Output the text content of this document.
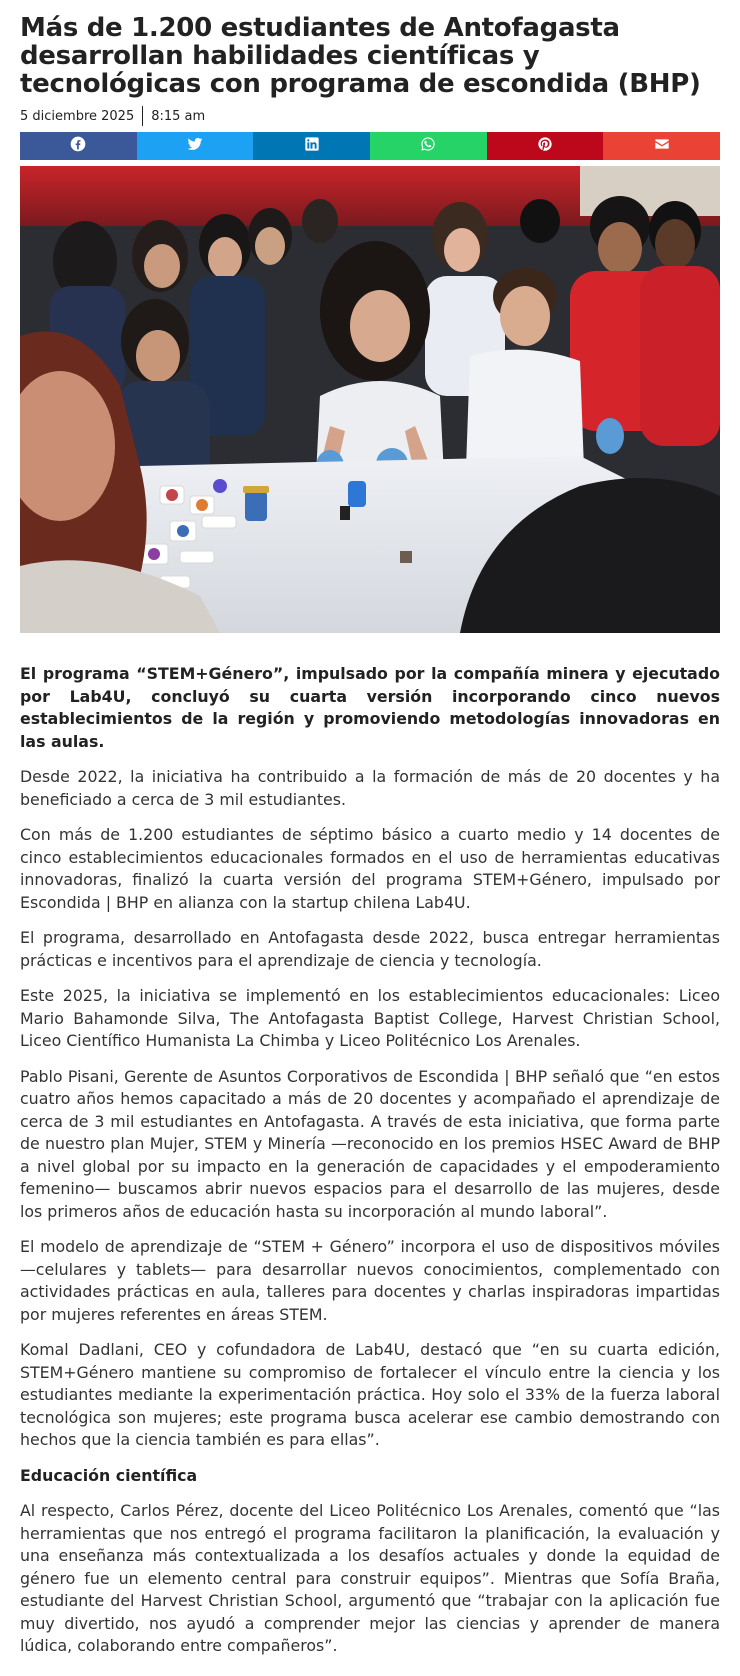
Más de 1.200 estudiantes de Antofagasta desarrollan habilidades científicas y tecnológicas con programa de escondida (BHP)
5 diciembre 2025 8:15 am

El programa “STEM+Género”, impulsado por la compañía minera y ejecutado por Lab4U, concluyó su cuarta versión incorporando cinco nuevos establecimientos de la región y promoviendo metodologías innovadoras en las aulas.

Desde 2022, la iniciativa ha contribuido a la formación de más de 20 docentes y ha beneficiado a cerca de 3 mil estudiantes.

Con más de 1.200 estudiantes de séptimo básico a cuarto medio y 14 docentes de cinco establecimientos educacionales formados en el uso de herramientas educativas innovadoras, finalizó la cuarta versión del programa STEM+Género, impulsado por Escondida | BHP en alianza con la startup chilena Lab4U.

El programa, desarrollado en Antofagasta desde 2022, busca entregar herramientas prácticas e incentivos para el aprendizaje de ciencia y tecnología.

Este 2025, la iniciativa se implementó en los establecimientos educacionales: Liceo Mario Bahamonde Silva, The Antofagasta Baptist College, Harvest Christian School, Liceo Científico Humanista La Chimba y Liceo Politécnico Los Arenales.

Pablo Pisani, Gerente de Asuntos Corporativos de Escondida | BHP señaló que “en estos cuatro años hemos capacitado a más de 20 docentes y acompañado el aprendizaje de cerca de 3 mil estudiantes en Antofagasta. A través de esta iniciativa, que forma parte de nuestro plan Mujer, STEM y Minería —reconocido en los premios HSEC Award de BHP a nivel global por su impacto en la generación de capacidades y el empoderamiento femenino— buscamos abrir nuevos espacios para el desarrollo de las mujeres, desde los primeros años de educación hasta su incorporación al mundo laboral”.

El modelo de aprendizaje de “STEM + Género” incorpora el uso de dispositivos móviles —celulares y tablets— para desarrollar nuevos conocimientos, complementado con actividades prácticas en aula, talleres para docentes y charlas inspiradoras impartidas por mujeres referentes en áreas STEM.

Komal Dadlani, CEO y cofundadora de Lab4U, destacó que “en su cuarta edición, STEM+Género mantiene su compromiso de fortalecer el vínculo entre la ciencia y los estudiantes mediante la experimentación práctica. Hoy solo el 33% de la fuerza laboral tecnológica son mujeres; este programa busca acelerar ese cambio demostrando con hechos que la ciencia también es para ellas”.

Educación científica

Al respecto, Carlos Pérez, docente del Liceo Politécnico Los Arenales, comentó que “las herramientas que nos entregó el programa facilitaron la planificación, la evaluación y una enseñanza más contextualizada a los desafíos actuales y donde la equidad de género fue un elemento central para construir equipos”. Mientras que Sofía Braña, estudiante del Harvest Christian School, argumentó que “trabajar con la aplicación fue muy divertido, nos ayudó a comprender mejor las ciencias y aprender de manera lúdica, colaborando entre compañeros”.
